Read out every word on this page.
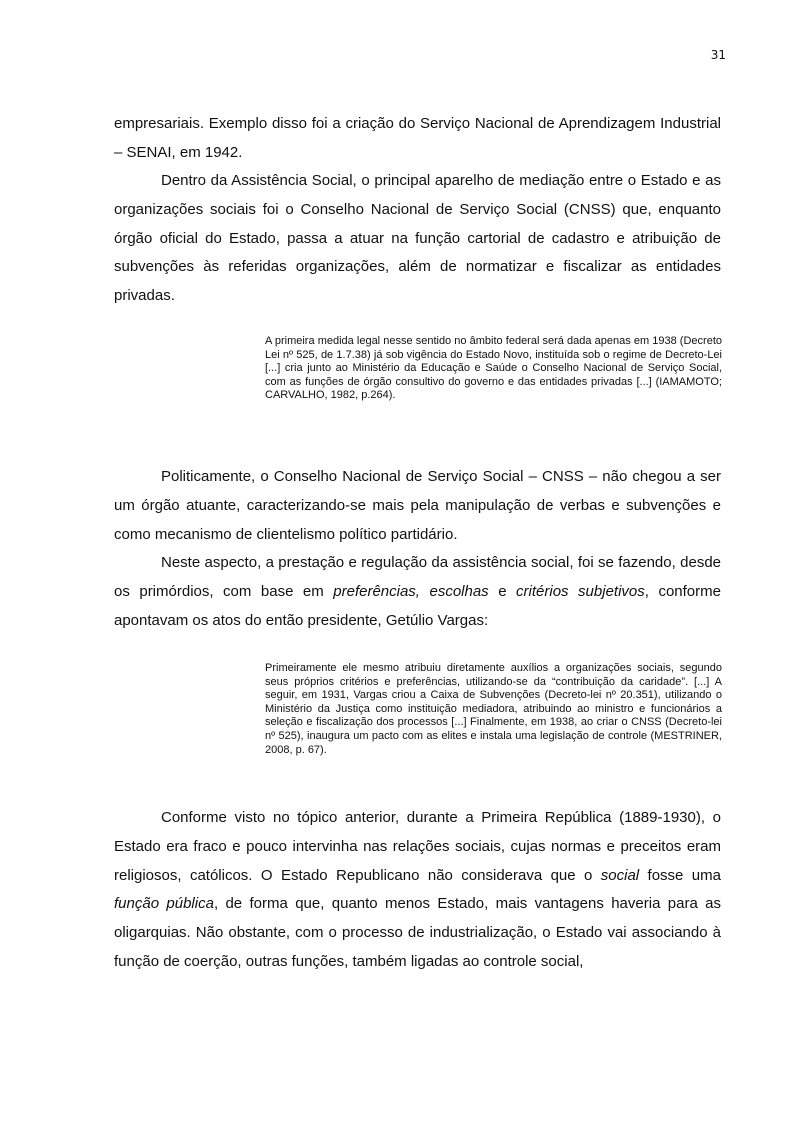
31

empresariais. Exemplo disso foi a criação do Serviço Nacional de Aprendizagem Industrial – SENAI, em 1942.

Dentro da Assistência Social, o principal aparelho de mediação entre o Estado e as organizações sociais foi o Conselho Nacional de Serviço Social (CNSS) que, enquanto órgão oficial do Estado, passa a atuar na função cartorial de cadastro e atribuição de subvenções às referidas organizações, além de normatizar e fiscalizar as entidades privadas.

A primeira medida legal nesse sentido no âmbito federal será dada apenas em 1938 (Decreto Lei nº 525, de 1.7.38) já sob vigência do Estado Novo, instituída sob o regime de Decreto-Lei [...] cria junto ao Ministério da Educação e Saúde o Conselho Nacional de Serviço Social, com as funções de órgão consultivo do governo e das entidades privadas [...] (IAMAMOTO; CARVALHO, 1982, p.264).

Politicamente, o Conselho Nacional de Serviço Social – CNSS – não chegou a ser um órgão atuante, caracterizando-se mais pela manipulação de verbas e subvenções e como mecanismo de clientelismo político partidário.

Neste aspecto, a prestação e regulação da assistência social, foi se fazendo, desde os primórdios, com base em preferências, escolhas e critérios subjetivos, conforme apontavam os atos do então presidente, Getúlio Vargas:

Primeiramente ele mesmo atribuiu diretamente auxílios a organizações sociais, segundo seus próprios critérios e preferências, utilizando-se da “contribuição da caridade”. [...] A seguir, em 1931, Vargas criou a Caixa de Subvenções (Decreto-lei nº 20.351), utilizando o Ministério da Justiça como instituição mediadora, atribuindo ao ministro e funcionários a seleção e fiscalização dos processos [...] Finalmente, em 1938, ao criar o CNSS (Decreto-lei nº 525), inaugura um pacto com as elites e instala uma legislação de controle (MESTRINER, 2008, p. 67).

Conforme visto no tópico anterior, durante a Primeira República (1889-1930), o Estado era fraco e pouco intervinha nas relações sociais, cujas normas e preceitos eram religiosos, católicos. O Estado Republicano não considerava que o social fosse uma função pública, de forma que, quanto menos Estado, mais vantagens haveria para as oligarquias. Não obstante, com o processo de industrialização, o Estado vai associando à função de coerção, outras funções, também ligadas ao controle social,
